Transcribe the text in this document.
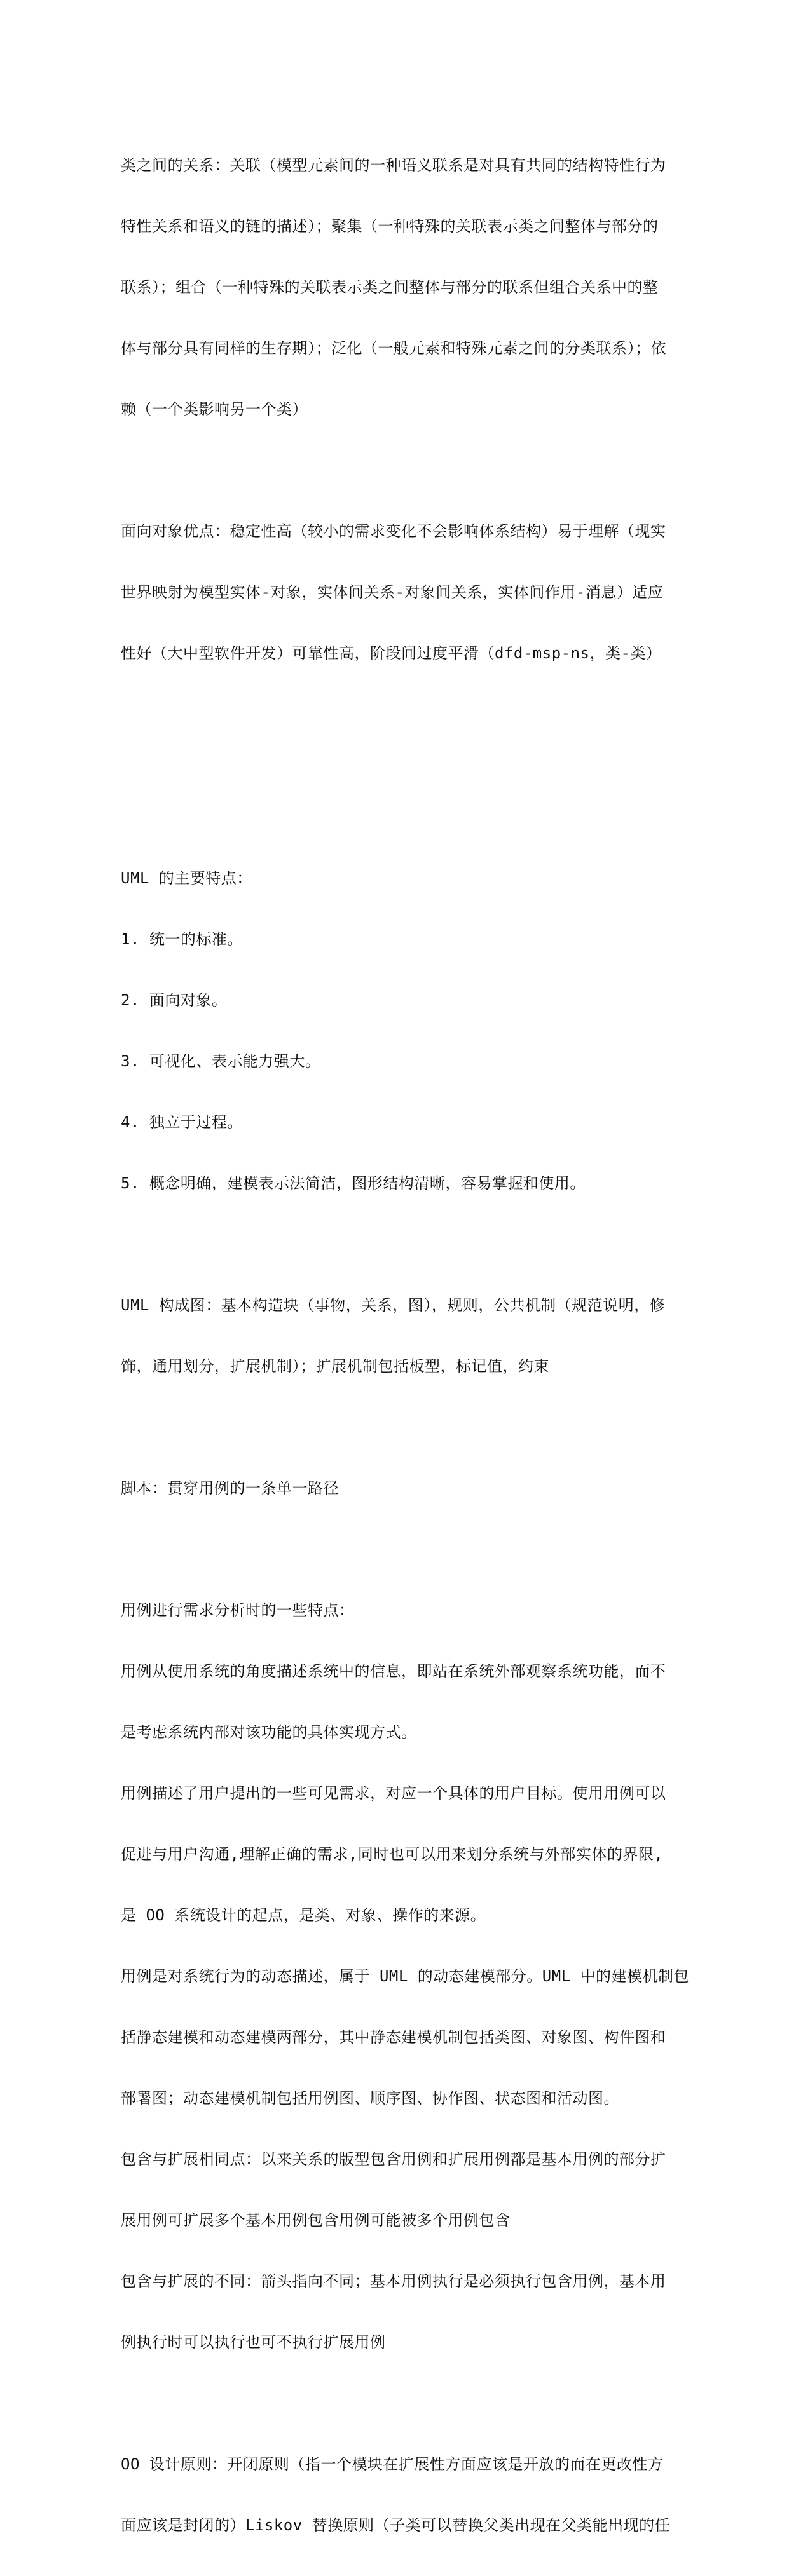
类之间的关系：关联（模型元素间的一种语义联系是对具有共同的结构特性行为

特性关系和语义的链的描述）；聚集（一种特殊的关联表示类之间整体与部分的

联系）；组合（一种特殊的关联表示类之间整体与部分的联系但组合关系中的整

体与部分具有同样的生存期）；泛化（一般元素和特殊元素之间的分类联系）；依

赖（一个类影响另一个类）

面向对象优点：稳定性高（较小的需求变化不会影响体系结构）易于理解（现实

世界映射为模型实体-对象，实体间关系-对象间关系，实体间作用-消息）适应

性好（大中型软件开发）可靠性高，阶段间过度平滑（dfd-msp-ns，类-类）

UML 的主要特点：

1. 统一的标准。

2. 面向对象。

3. 可视化、表示能力强大。

4. 独立于过程。

5. 概念明确，建模表示法简洁，图形结构清晰，容易掌握和使用。

UML 构成图：基本构造块（事物，关系，图），规则，公共机制（规范说明，修

饰，通用划分，扩展机制）；扩展机制包括板型，标记值，约束

脚本：贯穿用例的一条单一路径

用例进行需求分析时的一些特点：

用例从使用系统的角度描述系统中的信息，即站在系统外部观察系统功能，而不

是考虑系统内部对该功能的具体实现方式。

用例描述了用户提出的一些可见需求，对应一个具体的用户目标。使用用例可以

促进与用户沟通,理解正确的需求,同时也可以用来划分系统与外部实体的界限,

是 OO 系统设计的起点，是类、对象、操作的来源。

用例是对系统行为的动态描述，属于 UML 的动态建模部分。UML 中的建模机制包

括静态建模和动态建模两部分，其中静态建模机制包括类图、对象图、构件图和

部署图；动态建模机制包括用例图、顺序图、协作图、状态图和活动图。

包含与扩展相同点：以来关系的版型包含用例和扩展用例都是基本用例的部分扩

展用例可扩展多个基本用例包含用例可能被多个用例包含

包含与扩展的不同：箭头指向不同；基本用例执行是必须执行包含用例，基本用

例执行时可以执行也可不执行扩展用例

OO 设计原则：开闭原则（指一个模块在扩展性方面应该是开放的而在更改性方

面应该是封闭的）Liskov 替换原则（子类可以替换父类出现在父类能出现的任
